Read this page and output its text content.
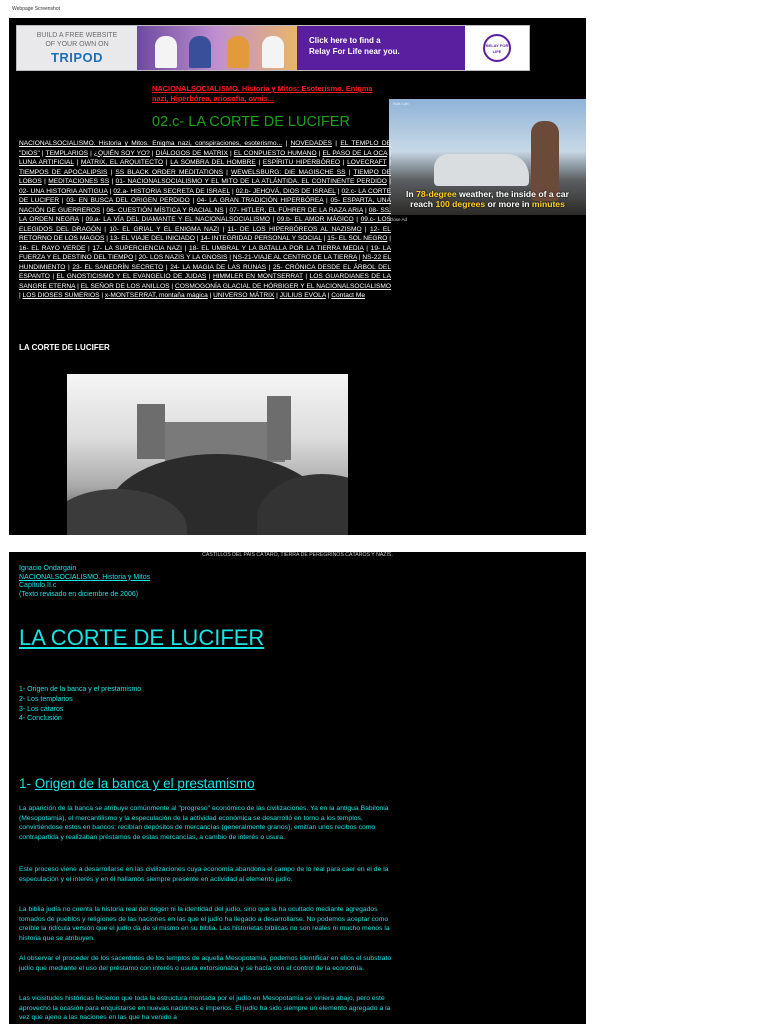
Webpage Screenshot
BUILD A FREE WEBSITE
OF YOUR OWN ON
TRIPOD
Click here to find a
Relay For Life near you.
RELAY FOR LIFE
NACIONALSOCIALISMO. Historia y Mitos: Esoterismo. Enigma nazi, Hiperbórea, ariosofía, ovnis...
02.c- LA CORTE DE LUCIFER
Kids Lab
In 78-degree weather, the inside of a car
reach 100 degrees or more in minutes
Close Ad
NACIONALSOCIALISMO. Historia y Mitos. Enigma nazi, conspiraciones, esoterismo... | NOVEDADES | EL TEMPLO DE "DIOS" | TEMPLARIOS | ¿QUIÉN SOY YO? | DIÁLOGOS DE MATRIX | EL CONPUESTO HUMANO | EL PASO DE LA OCA | LUNA ARTIFICIAL | MATRIX, EL ARQUITECTO | LA SOMBRA DEL HOMBRE | ESPÍRITU HIPERBÓREO | LOVECRAFT | TIEMPOS DE APOCALIPSIS | SS BLACK ORDER MEDITATIONS | WEWELSBURG: DIE MAGISCHE SS | TIEMPO DE LOBOS | MEDITACIONES SS | 01- NACIONALSOCIALISMO Y EL MITO DE LA ATLÁNTIDA. EL CONTINENTE PERDIDO | 02- UNA HISTORIA ANTIGUA | 02.a- HISTORIA SECRETA DE ISRAEL | 02.b- JEHOVÁ, DIOS DE ISRAEL | 02.c- LA CORTE DE LUCIFER | 03- EN BUSCA DEL ORIGEN PERDIDO | 04- LA GRAN TRADICIÓN HIPERBÓREA | 05- ESPARTA, UNA NACIÓN DE GUERREROS | 06- CUESTIÓN MÍSTICA Y RACIAL NS | 07- HITLER, EL FÜHRER DE LA RAZA ARIA | 08- SS. LA ORDEN NEGRA | 09.a- LA VÍA DEL DIAMANTE Y EL NACIONALSOCIALISMO | 09.b- EL AMOR MÁGICO | 09.c- LOS ELEGIDOS DEL DRAGÓN | 10- EL GRIAL Y EL ENIGMA NAZI | 11- DE LOS HIPERBÓREOS AL NAZISMO | 12- EL RETORNO DE LOS MAGOS | 13- EL VIAJE DEL INICIADO | 14- INTEGRIDAD PERSONAL Y SOCIAL | 15- EL SOL NEGRO | 16- EL RAYO VERDE | 17- LA SUPERCIENCIA NAZI | 18- EL UMBRAL Y LA BATALLA POR LA TIERRA MEDIA | 19- LA FUERZA Y EL DESTINO DEL TIEMPO | 20- LOS NAZIS Y LA GNOSIS | NS-21-VIAJE AL CENTRO DE LA TIERRA | NS-22 EL HUNDIMIENTO | 23- EL SANEDRÍN SECRETO | 24- LA MAGIA DE LAS RUNAS | 25- CRÓNICA DESDE EL ÁRBOL DEL ESPANTO | EL GNOSTICISMO Y EL EVANGELIO DE JUDAS | HIMMLER EN MONTSERRAT | LOS GUARDIANES DE LA SANGRE ETERNA | EL SEÑOR DE LOS ANILLOS | COSMOGONÍA GLACIAL DE HÖRBIGER Y EL NACIONALSOCIALISMO | LOS DIOSES SUMERIOS | x-MONTSERRAT, montaña mágica | UNIVERSO MÁTRIX | JULIUS EVOLA | Contact Me
LA CORTE DE LUCIFER
CASTILLOS DEL PAÍS CÁTARO, TIERRA DE PEREGRINOS CÁTAROS Y NAZIS.
Ignacio Ondargain
NACIONALSOCIALISMO. Historia y Mitos
Capítulo II.c
(Texto revisado en diciembre de 2006)
LA CORTE DE LUCIFER
1- Origen de la banca y el prestamismo
2- Los templarios
3- Los cátaros
4- Conclusión
1- Origen de la banca y el prestamismo

La aparición de la banca se atribuye comúnmente al "progreso" económico de las civilizaciones. Ya en la antigua Babilonia (Mesopotamia), el mercantilismo y la especulación de la actividad económica se desarrolló en torno a los templos, convirtiéndose estos en bancos: recibían depósitos de mercancías (generalmente granos), emitían unos recibos como contrapartida y realizaban préstamos de estas mercancías, a cambio de interés o usura.

Este proceso viene a desarrollarse en las civilizaciones cuya economía abandona el campo de lo real para caer en el de la especulación y el interés y en él hallamos siempre presente en actividad al elemento judío.

La biblia judía no cuenta la historia real del origen ni la identidad del judío, sino que la ha ocultado mediante agregados tomados de pueblos y religiones de las naciones en las que el judío ha llegado a desarrollarse. No podemos aceptar como creíble la ridícula versión que el judío da de sí mismo en su biblia. Las historietas bíblicas no son reales ni mucho menos la historia que se atribuyen.

Al observar el proceder de los sacerdotes de los templos de aquella Mesopotamia, podemos identificar en ellos el substrato judío que mediante el uso del préstamo con interés o usura extorsionaba y se hacía con el control de la economía.

Las vicisitudes históricas hicieron que toda la estructura montada por el judío en Mesopotamia se viniera abajo, pero este aprovechó la ocasión para enquistarse en nuevas naciones e imperios. El judío ha sido siempre un elemento agregado a la vez que ajeno a las naciones en las que ha venido a
